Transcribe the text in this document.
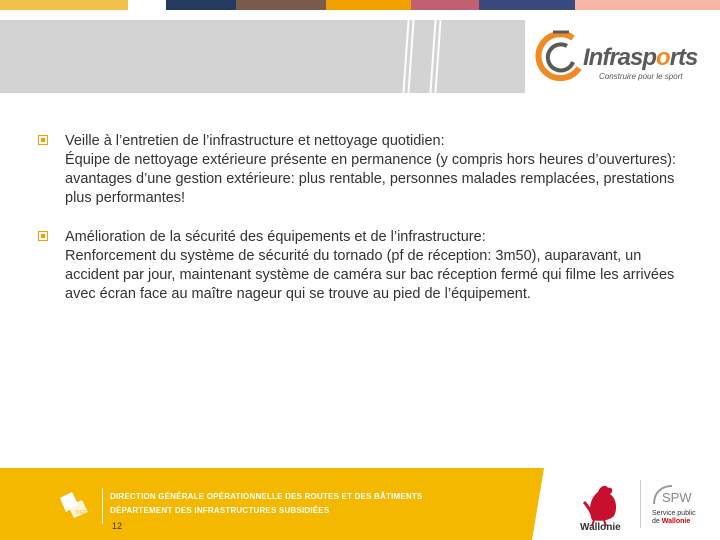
Infrasports
Construire pour le sport
Veille à l’entretien de l’infrastructure et nettoyage quotidien:
Équipe de nettoyage extérieure présente en permanence (y compris hors heures d’ouvertures): avantages d’une gestion extérieure: plus rentable, personnes malades remplacées, prestations plus performantes!
Amélioration de la sécurité des équipements et de l’infrastructure:
Renforcement du système de sécurité du tornado (pf de réception: 3m50), auparavant, un accident par jour, maintenant système de caméra sur bac réception fermé qui filme les arrivées avec écran face au maître nageur qui se trouve au pied de l’équipement.
DGO 1
DIRECTION GÉNÉRALE OPÉRATIONNELLE DES ROUTES ET DES BÂTIMENTS
DÉPARTEMENT DES INFRASTRUCTURES SUBSIDIÉES
12	Wallonie
SPW
Service public
de Wallonie
